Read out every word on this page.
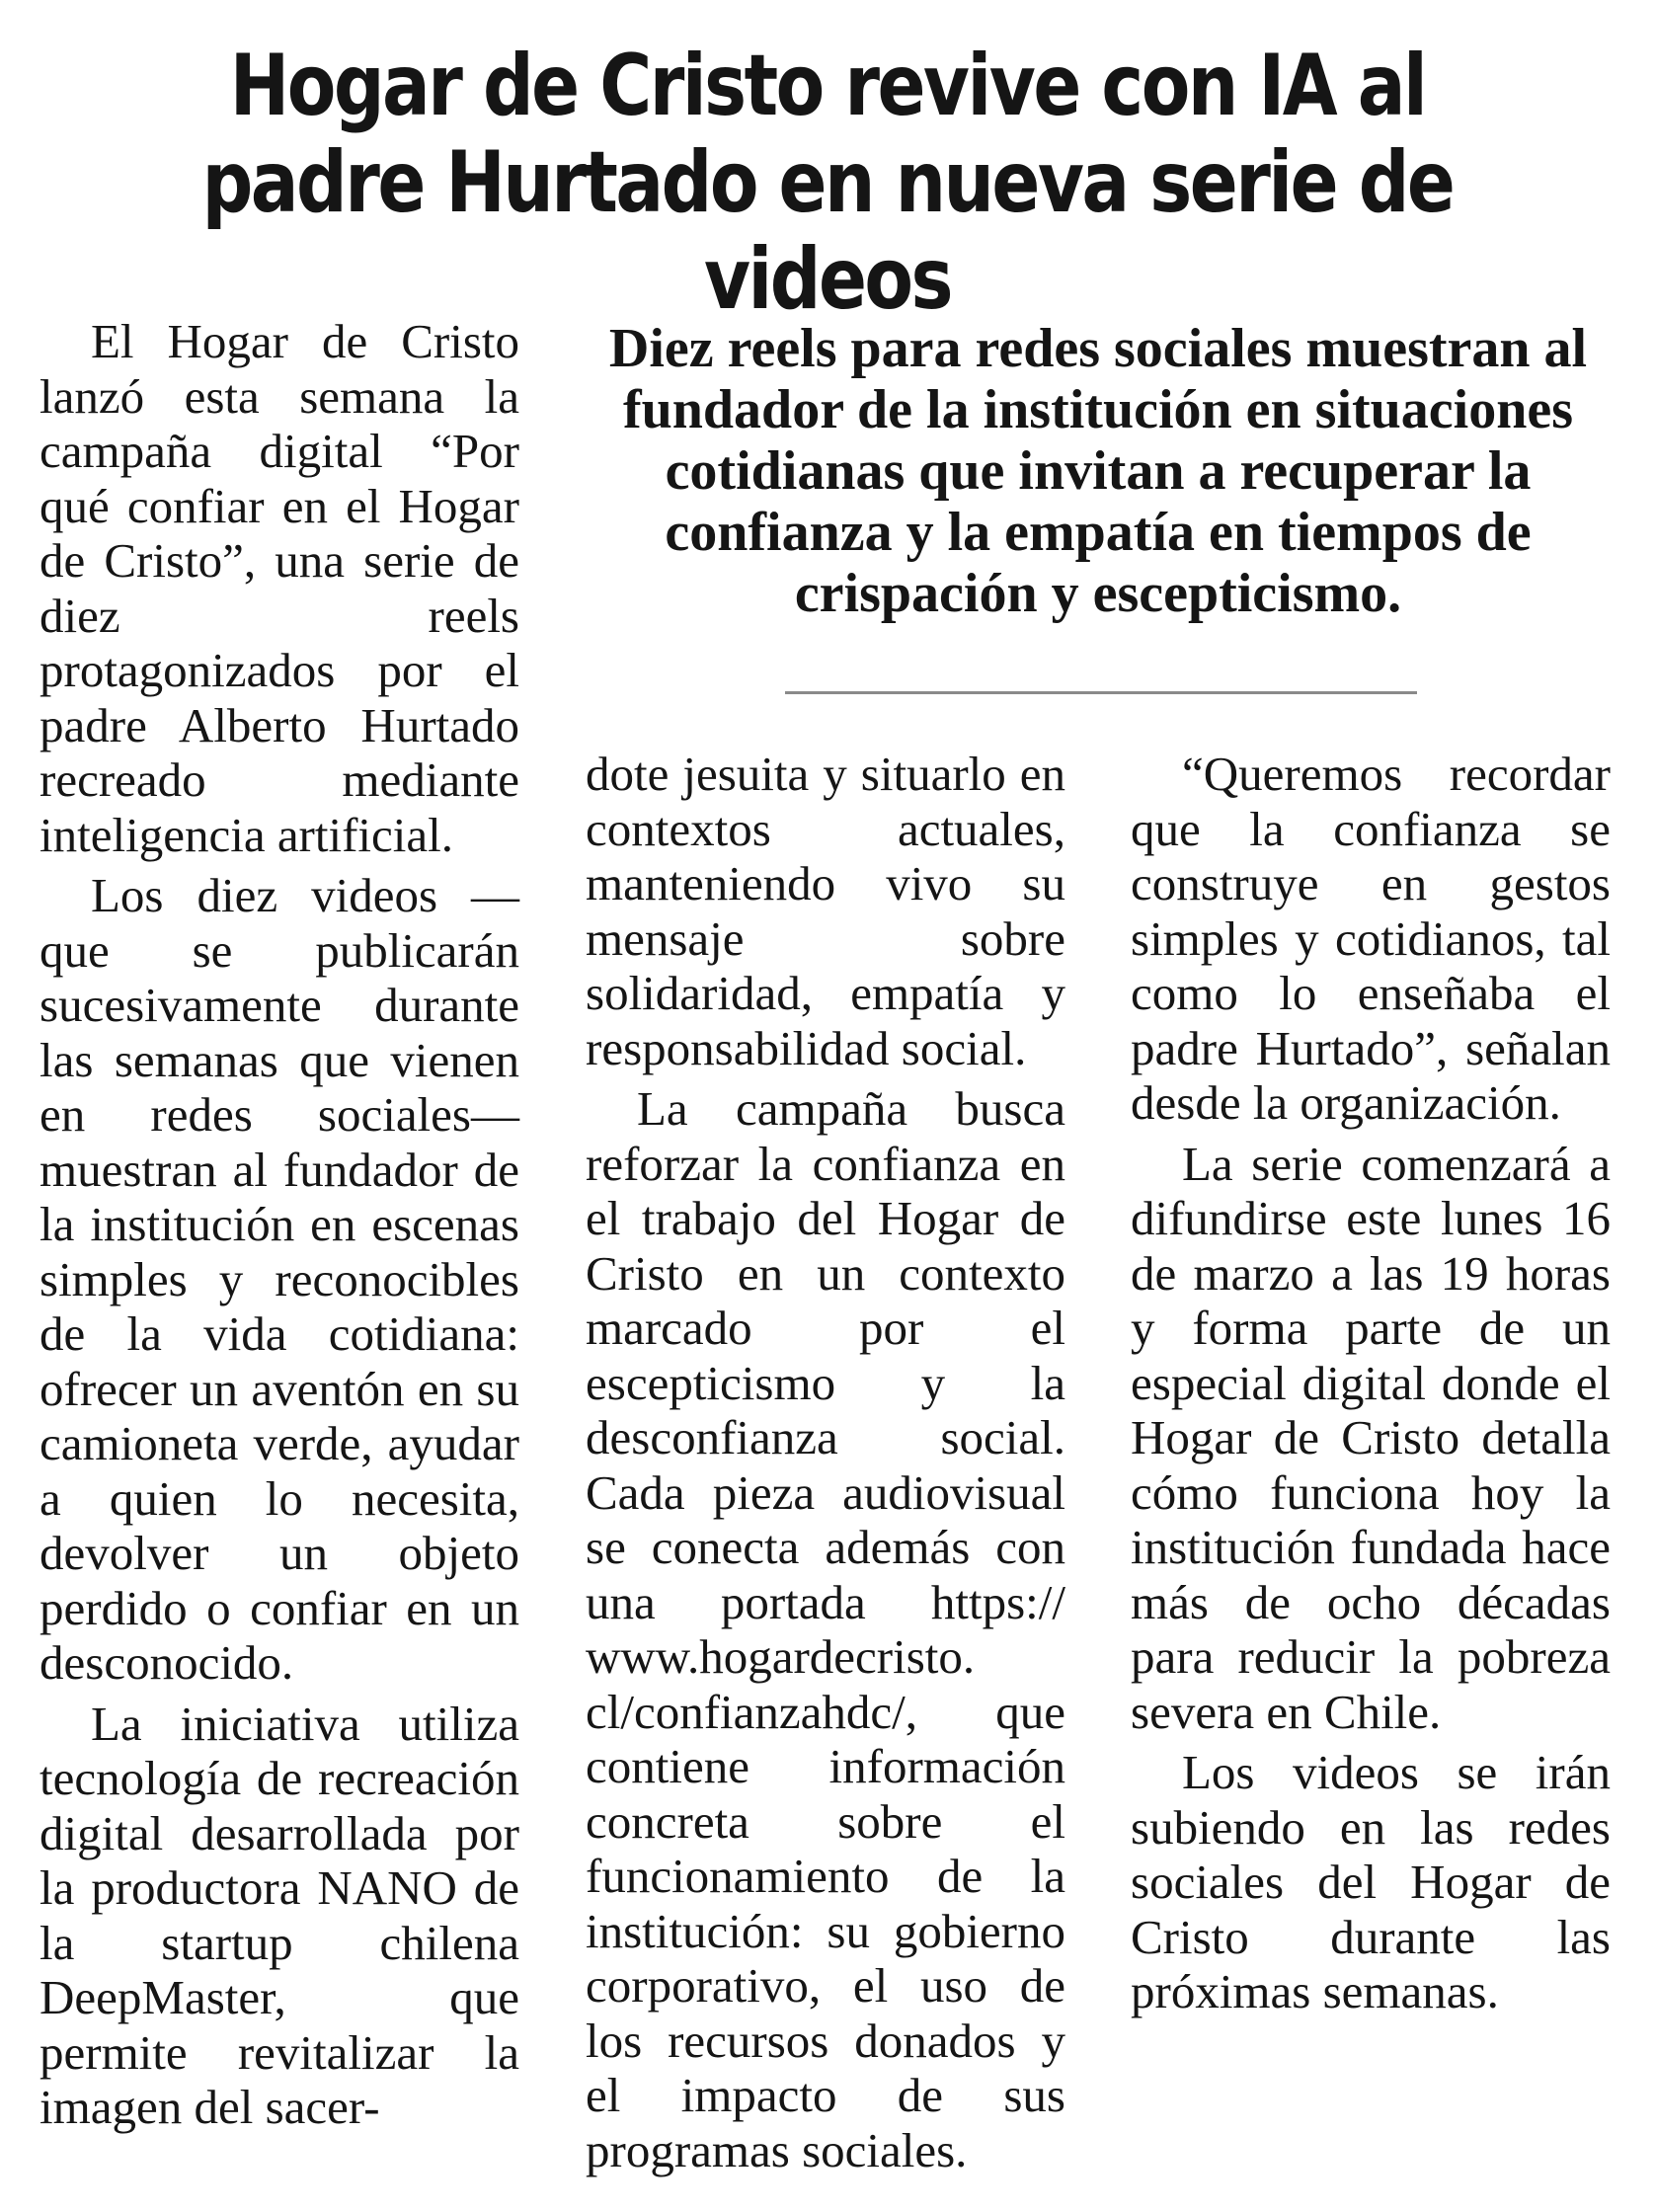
Hogar de Cristo revive con IA al padre Hurtado en nueva serie de videos

El Hogar de Cristo lanzó esta semana la campaña digital “Por qué confiar en el Hogar de Cristo”, una serie de diez reels protagonizados por el padre Alberto Hurtado recreado mediante inteligencia artificial.

Los diez videos —que se publicarán sucesivamente durante las semanas que vienen en redes sociales— muestran al fundador de la institución en escenas simples y reconocibles de la vida cotidiana: ofrecer un aventón en su camioneta verde, ayudar a quien lo necesita, devolver un objeto perdido o confiar en un desconocido.

La iniciativa utiliza tecnología de recreación digital desarrollada por la productora NANO de la startup chilena DeepMaster, que permite revitalizar la imagen del sacer-

Diez reels para redes sociales muestran al fundador de la institución en situaciones cotidianas que invitan a recuperar la confianza y la empatía en tiempos de crispación y escepticismo.

dote jesuita y situarlo en contextos actuales, manteniendo vivo su mensaje sobre solidaridad, empatía y responsabilidad social.

La campaña busca reforzar la confianza en el trabajo del Hogar de Cristo en un contexto marcado por el escepticismo y la desconfianza social. Cada pieza audiovisual se conecta además con una portada https:// www.hogardecristo. cl/confianzahdc/, que contiene información concreta sobre el funcionamiento de la institución: su gobierno corporativo, el uso de los recursos donados y el impacto de sus programas sociales.

“Queremos recordar que la confianza se construye en gestos simples y cotidianos, tal como lo enseñaba el padre Hurtado”, señalan desde la organización.

La serie comenzará a difundirse este lunes 16 de marzo a las 19 horas y forma parte de un especial digital donde el Hogar de Cristo detalla cómo funciona hoy la institución fundada hace más de ocho décadas para reducir la pobreza severa en Chile.

Los videos se irán subiendo en las redes sociales del Hogar de Cristo durante las próximas semanas.
